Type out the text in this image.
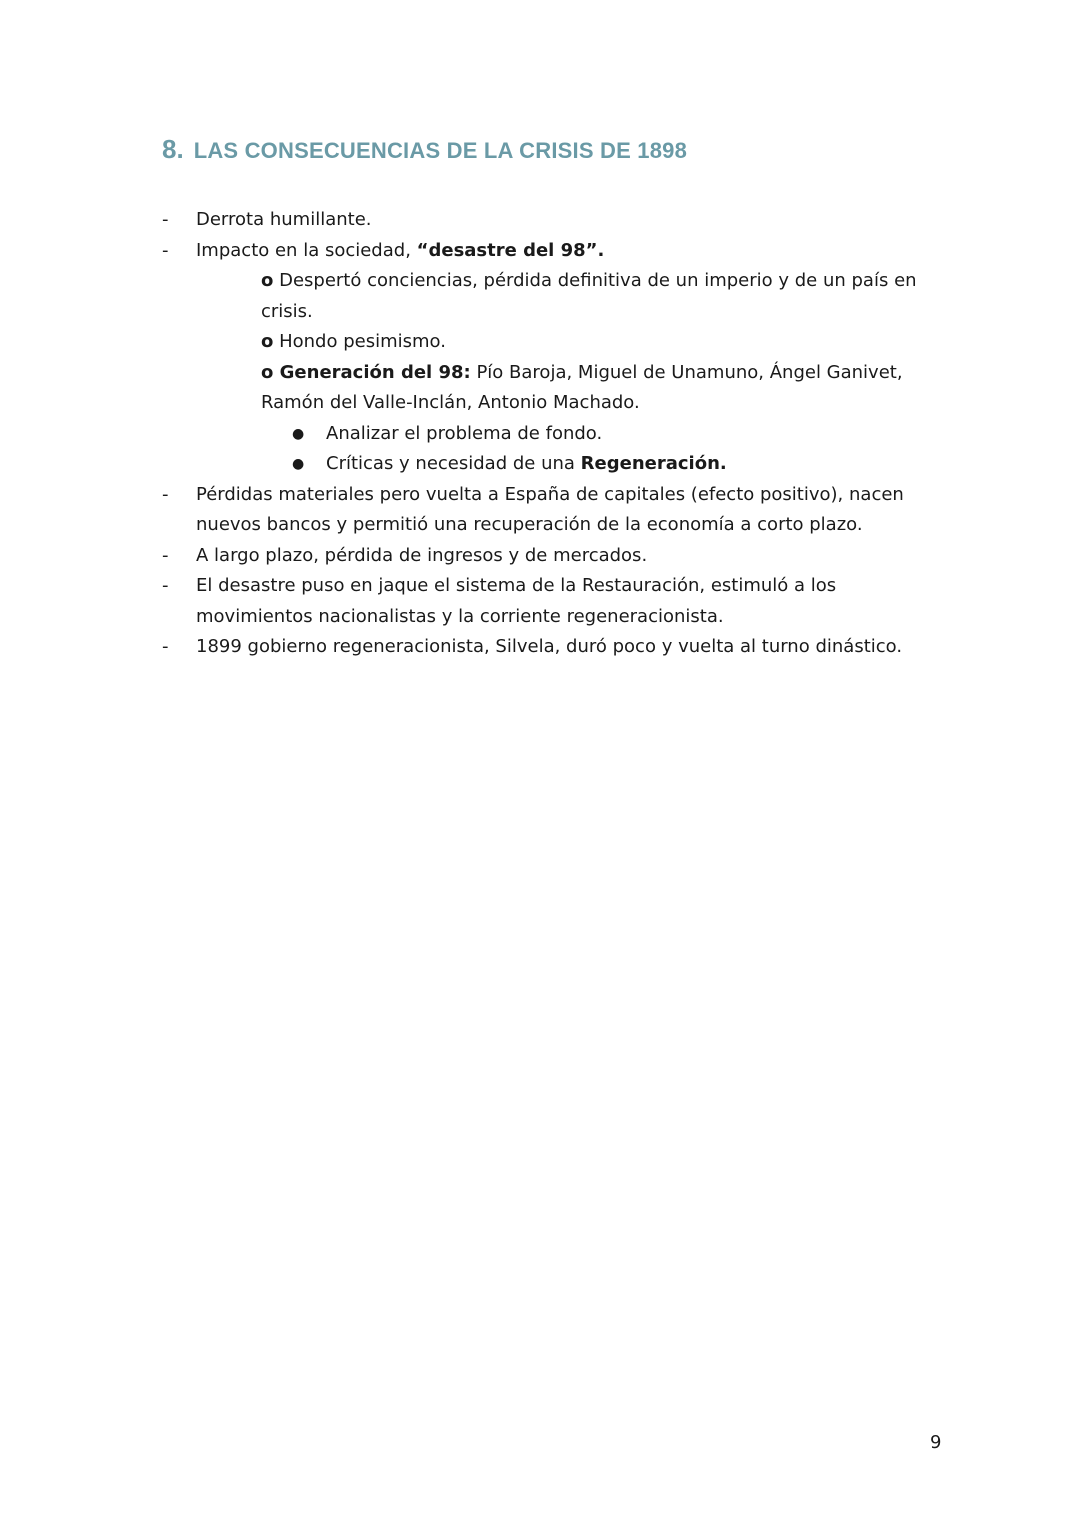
8. LAS CONSECUENCIAS DE LA CRISIS DE 1898
- Derrota humillante.
- Impacto en la sociedad, “desastre del 98”.
o Despertó conciencias, pérdida definitiva de un imperio y de un país en crisis.
o Hondo pesimismo.
o Generación del 98: Pío Baroja, Miguel de Unamuno, Ángel Ganivet, Ramón del Valle-Inclán, Antonio Machado.
● Analizar el problema de fondo.
● Críticas y necesidad de una Regeneración.
- Pérdidas materiales pero vuelta a España de capitales (efecto positivo), nacen nuevos bancos y permitió una recuperación de la economía a corto plazo.
- A largo plazo, pérdida de ingresos y de mercados.
- El desastre puso en jaque el sistema de la Restauración, estimuló a los movimientos nacionalistas y la corriente regeneracionista.
- 1899 gobierno regeneracionista, Silvela, duró poco y vuelta al turno dinástico.
9
